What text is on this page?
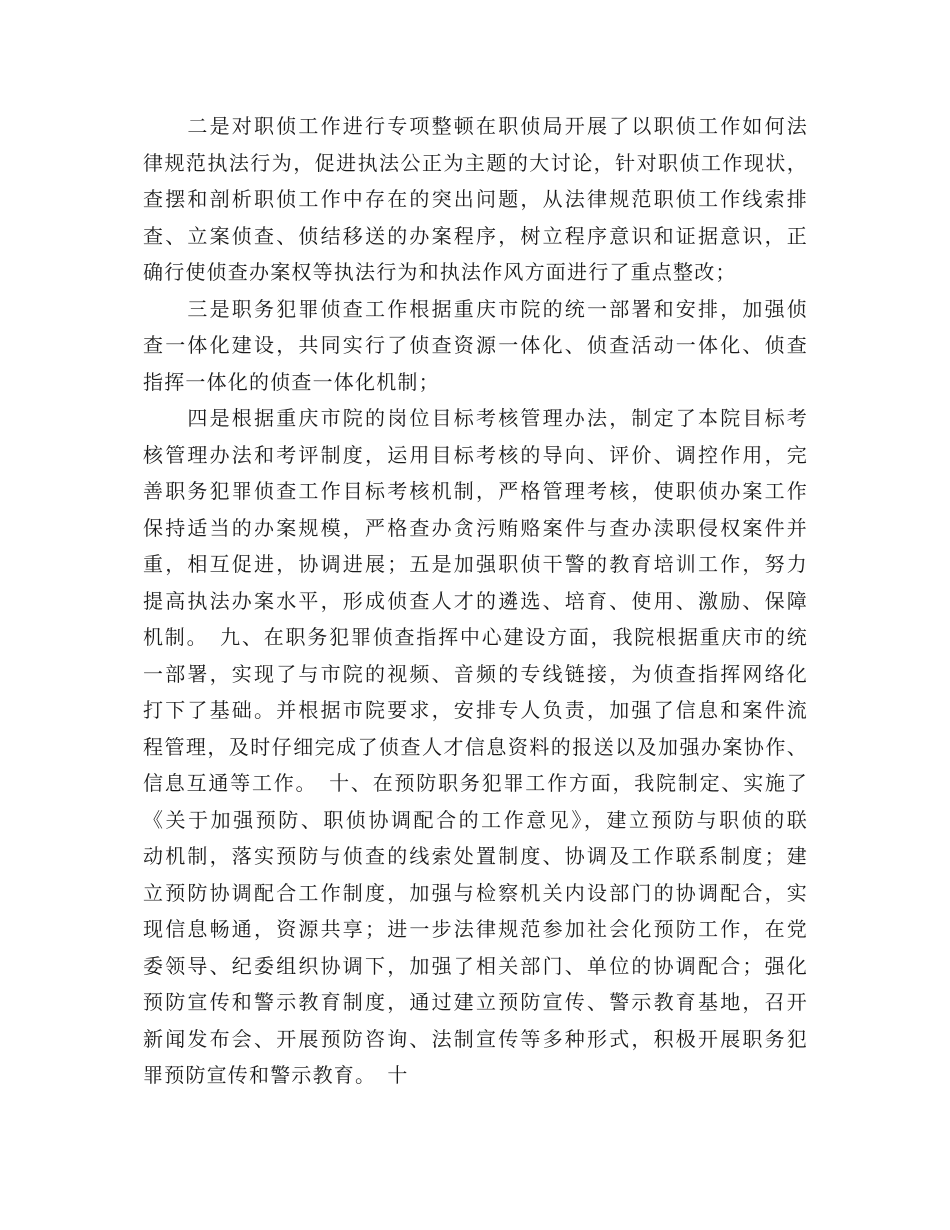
　　二是对职侦工作进行专项整顿在职侦局开展了以职侦工作如何法
律规范执法行为，促进执法公正为主题的大讨论，针对职侦工作现状，
查摆和剖析职侦工作中存在的突出问题，从法律规范职侦工作线索排
查、立案侦查、侦结移送的办案程序，树立程序意识和证据意识，正
确行使侦查办案权等执法行为和执法作风方面进行了重点整改；
　　三是职务犯罪侦查工作根据重庆市院的统一部署和安排，加强侦
查一体化建设，共同实行了侦查资源一体化、侦查活动一体化、侦查
指挥一体化的侦查一体化机制；
　　四是根据重庆市院的岗位目标考核管理办法，制定了本院目标考
核管理办法和考评制度，运用目标考核的导向、评价、调控作用，完
善职务犯罪侦查工作目标考核机制，严格管理考核，使职侦办案工作
保持适当的办案规模，严格查办贪污贿赂案件与查办渎职侵权案件并
重，相互促进，协调进展；五是加强职侦干警的教育培训工作，努力
提高执法办案水平，形成侦查人才的遴选、培育、使用、激励、保障
机制。　九、在职务犯罪侦查指挥中心建设方面，我院根据重庆市的统
一部署，实现了与市院的视频、音频的专线链接，为侦查指挥网络化
打下了基础。并根据市院要求，安排专人负责，加强了信息和案件流
程管理，及时仔细完成了侦查人才信息资料的报送以及加强办案协作、
信息互通等工作。　十、在预防职务犯罪工作方面，我院制定、实施了
《关于加强预防、职侦协调配合的工作意见》，建立预防与职侦的联
动机制，落实预防与侦查的线索处置制度、协调及工作联系制度；建
立预防协调配合工作制度，加强与检察机关内设部门的协调配合，实
现信息畅通，资源共享；进一步法律规范参加社会化预防工作，在党
委领导、纪委组织协调下，加强了相关部门、单位的协调配合；强化
预防宣传和警示教育制度，通过建立预防宣传、警示教育基地，召开
新闻发布会、开展预防咨询、法制宣传等多种形式，积极开展职务犯
罪预防宣传和警示教育。　十
